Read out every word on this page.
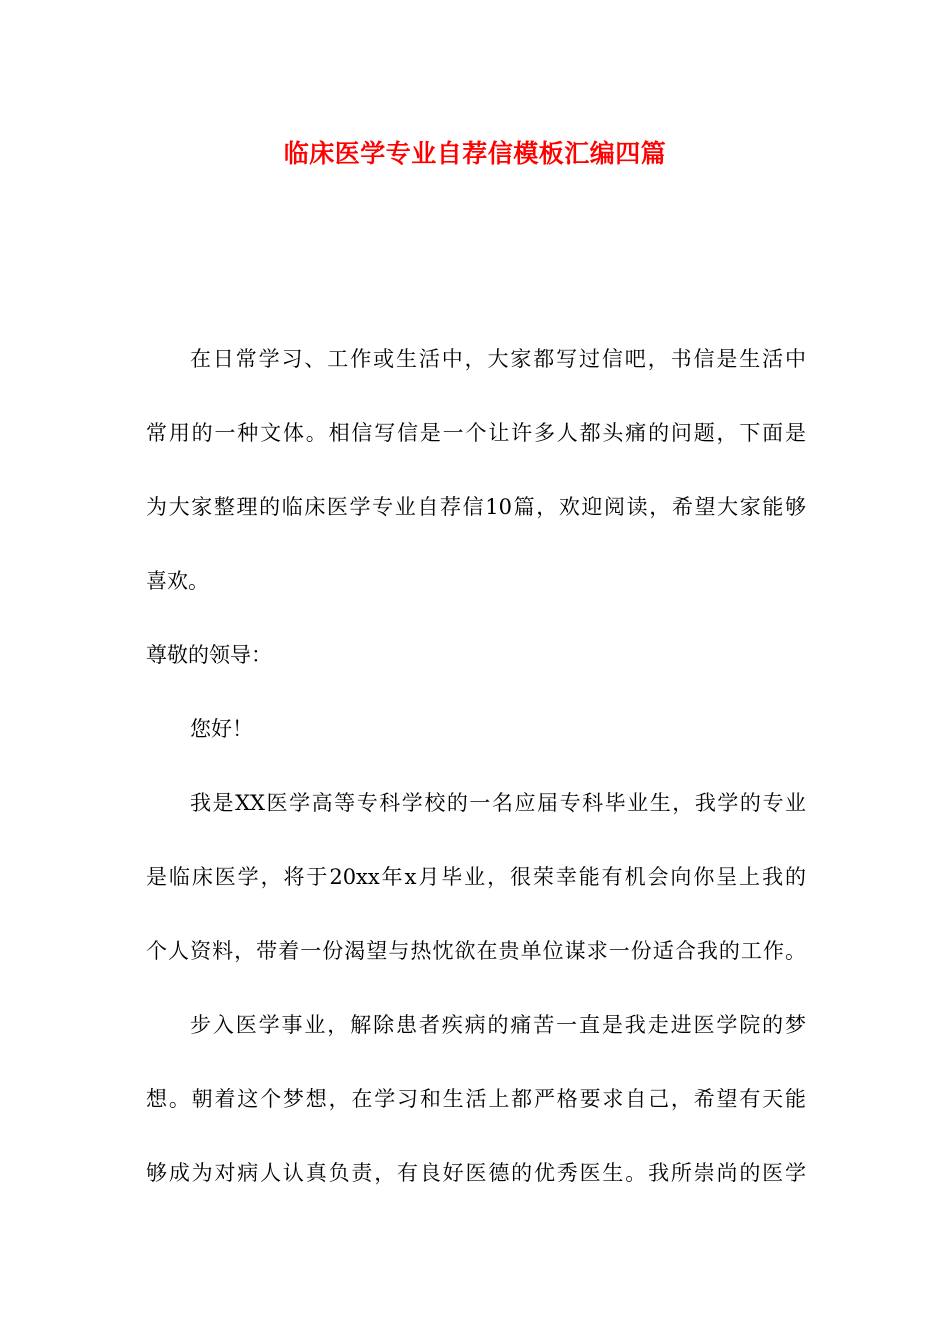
临床医学专业自荐信模板汇编四篇
在日常学习、工作或生活中，大家都写过信吧，书信是生活中
常用的一种文体。相信写信是一个让许多人都头痛的问题，下面是
为大家整理的临床医学专业自荐信10篇，欢迎阅读，希望大家能够
喜欢。
尊敬的领导：
您好！
我是XX医学高等专科学校的一名应届专科毕业生，我学的专业
是临床医学，将于20xx年x月毕业，很荣幸能有机会向你呈上我的
个人资料，带着一份渴望与热忱欲在贵单位谋求一份适合我的工作。
步入医学事业，解除患者疾病的痛苦一直是我走进医学院的梦
想。朝着这个梦想，在学习和生活上都严格要求自己，希望有天能
够成为对病人认真负责，有良好医德的优秀医生。我所崇尚的医学
